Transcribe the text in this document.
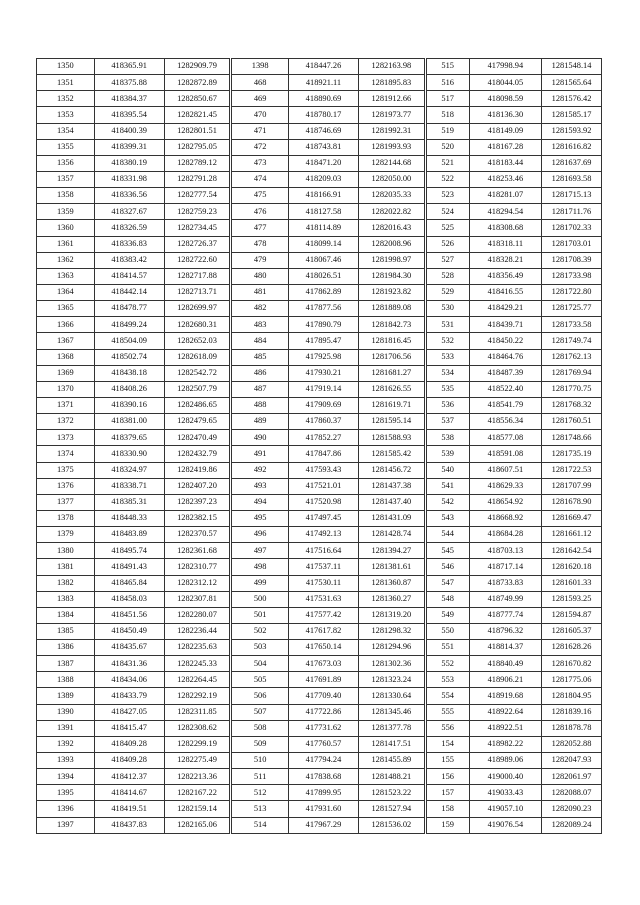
1350	418365.91	1282909.79	1398	418447.26	1282163.98	515	417998.94	1281548.14
1351	418375.88	1282872.89	468	418921.11	1281895.83	516	418044.05	1281565.64
1352	418384.37	1282850.67	469	418890.69	1281912.66	517	418098.59	1281576.42
1353	418395.54	1282821.45	470	418780.17	1281973.77	518	418136.30	1281585.17
1354	418400.39	1282801.51	471	418746.69	1281992.31	519	418149.09	1281593.92
1355	418399.31	1282795.05	472	418743.81	1281993.93	520	418167.28	1281616.82
1356	418380.19	1282789.12	473	418471.20	1282144.68	521	418183.44	1281637.69
1357	418331.98	1282791.28	474	418209.03	1282050.00	522	418253.46	1281693.58
1358	418336.56	1282777.54	475	418166.91	1282035.33	523	418281.07	1281715.13
1359	418327.67	1282759.23	476	418127.58	1282022.82	524	418294.54	1281711.76
1360	418326.59	1282734.45	477	418114.89	1282016.43	525	418308.68	1281702.33
1361	418336.83	1282726.37	478	418099.14	1282008.96	526	418318.11	1281703.01
1362	418383.42	1282722.60	479	418067.46	1281998.97	527	418328.21	1281708.39
1363	418414.57	1282717.88	480	418026.51	1281984.30	528	418356.49	1281733.98
1364	418442.14	1282713.71	481	417862.89	1281923.82	529	418416.55	1281722.80
1365	418478.77	1282699.97	482	417877.56	1281889.08	530	418429.21	1281725.77
1366	418499.24	1282680.31	483	417890.79	1281842.73	531	418439.71	1281733.58
1367	418504.09	1282652.03	484	417895.47	1281816.45	532	418450.22	1281749.74
1368	418502.74	1282618.09	485	417925.98	1281706.56	533	418464.76	1281762.13
1369	418438.18	1282542.72	486	417930.21	1281681.27	534	418487.39	1281769.94
1370	418408.26	1282507.79	487	417919.14	1281626.55	535	418522.40	1281770.75
1371	418390.16	1282486.65	488	417909.69	1281619.71	536	418541.79	1281768.32
1372	418381.00	1282479.65	489	417860.37	1281595.14	537	418556.34	1281760.51
1373	418379.65	1282470.49	490	417852.27	1281588.93	538	418577.08	1281748.66
1374	418330.90	1282432.79	491	417847.86	1281585.42	539	418591.08	1281735.19
1375	418324.97	1282419.86	492	417593.43	1281456.72	540	418607.51	1281722.53
1376	418338.71	1282407.20	493	417521.01	1281437.38	541	418629.33	1281707.99
1377	418385.31	1282397.23	494	417520.98	1281437.40	542	418654.92	1281678.90
1378	418448.33	1282382.15	495	417497.45	1281431.09	543	418668.92	1281669.47
1379	418483.89	1282370.57	496	417492.13	1281428.74	544	418684.28	1281661.12
1380	418495.74	1282361.68	497	417516.64	1281394.27	545	418703.13	1281642.54
1381	418491.43	1282310.77	498	417537.11	1281381.61	546	418717.14	1281620.18
1382	418465.84	1282312.12	499	417530.11	1281360.87	547	418733.83	1281601.33
1383	418458.03	1282307.81	500	417531.63	1281360.27	548	418749.99	1281593.25
1384	418451.56	1282280.07	501	417577.42	1281319.20	549	418777.74	1281594.87
1385	418450.49	1282236.44	502	417617.82	1281298.32	550	418796.32	1281605.37
1386	418435.67	1282235.63	503	417650.14	1281294.96	551	418814.37	1281628.26
1387	418431.36	1282245.33	504	417673.03	1281302.36	552	418840.49	1281670.82
1388	418434.06	1282264.45	505	417691.89	1281323.24	553	418906.21	1281775.06
1389	418433.79	1282292.19	506	417709.40	1281330.64	554	418919.68	1281804.95
1390	418427.05	1282311.85	507	417722.86	1281345.46	555	418922.64	1281839.16
1391	418415.47	1282308.62	508	417731.62	1281377.78	556	418922.51	1281878.78
1392	418409.28	1282299.19	509	417760.57	1281417.51	154	418982.22	1282052.88
1393	418409.28	1282275.49	510	417794.24	1281455.89	155	418989.06	1282047.93
1394	418412.37	1282213.36	511	417838.68	1281488.21	156	419000.40	1282061.97
1395	418414.67	1282167.22	512	417899.95	1281523.22	157	419033.43	1282088.07
1396	418419.51	1282159.14	513	417931.60	1281527.94	158	419057.10	1282090.23
1397	418437.83	1282165.06	514	417967.29	1281536.02	159	419076.54	1282089.24
